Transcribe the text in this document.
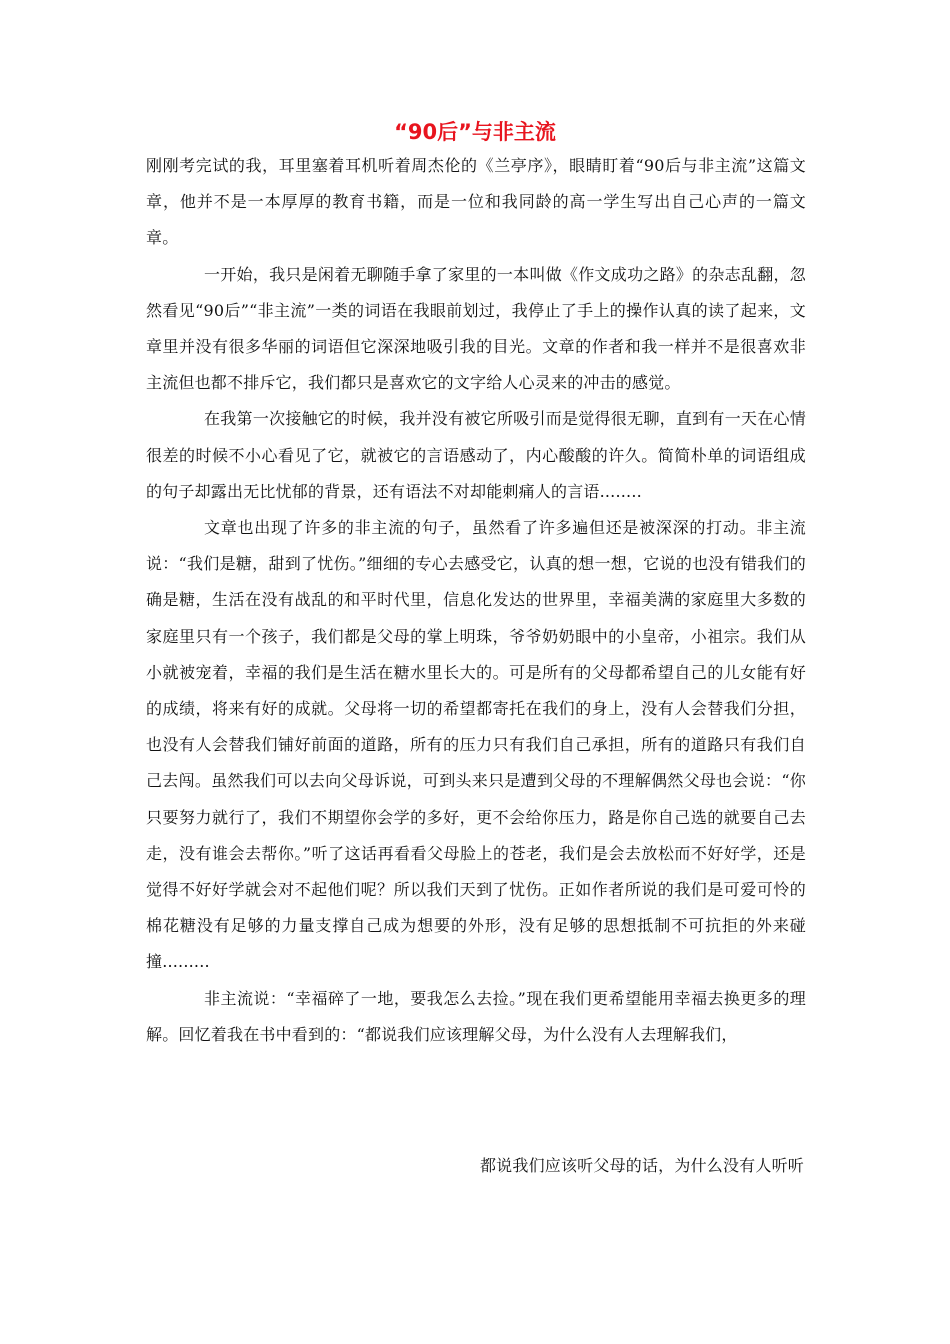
“90后”与非主流

刚刚考完试的我，耳里塞着耳机听着周杰伦的《兰亭序》，眼睛盯着“90后与非主流”这篇文章，他并不是一本厚厚的教育书籍，而是一位和我同龄的高一学生写出自己心声的一篇文章。

一开始，我只是闲着无聊随手拿了家里的一本叫做《作文成功之路》的杂志乱翻，忽然看见“90后”“非主流”一类的词语在我眼前划过，我停止了手上的操作认真的读了起来，文章里并没有很多华丽的词语但它深深地吸引我的目光。文章的作者和我一样并不是很喜欢非主流但也都不排斥它，我们都只是喜欢它的文字给人心灵来的冲击的感觉。

在我第一次接触它的时候，我并没有被它所吸引而是觉得很无聊，直到有一天在心情很差的时候不小心看见了它，就被它的言语感动了，内心酸酸的许久。简简朴单的词语组成的句子却露出无比忧郁的背景，还有语法不对却能刺痛人的言语........

文章也出现了许多的非主流的句子，虽然看了许多遍但还是被深深的打动。非主流说：“我们是糖，甜到了忧伤。”细细的专心去感受它，认真的想一想，它说的也没有错我们的确是糖，生活在没有战乱的和平时代里，信息化发达的世界里，幸福美满的家庭里大多数的家庭里只有一个孩子，我们都是父母的掌上明珠，爷爷奶奶眼中的小皇帝，小祖宗。我们从小就被宠着，幸福的我们是生活在糖水里长大的。可是所有的父母都希望自己的儿女能有好的成绩，将来有好的成就。父母将一切的希望都寄托在我们的身上，没有人会替我们分担，也没有人会替我们铺好前面的道路，所有的压力只有我们自己承担，所有的道路只有我们自己去闯。虽然我们可以去向父母诉说，可到头来只是遭到父母的不理解偶然父母也会说：“你只要努力就行了，我们不期望你会学的多好，更不会给你压力，路是你自己选的就要自己去走，没有谁会去帮你。”听了这话再看看父母脸上的苍老，我们是会去放松而不好好学，还是觉得不好好学就会对不起他们呢？所以我们天到了忧伤。正如作者所说的我们是可爱可怜的棉花糖没有足够的力量支撑自己成为想要的外形，没有足够的思想抵制不可抗拒的外来碰撞.........

非主流说：“幸福碎了一地，要我怎么去捡。”现在我们更希望能用幸福去换更多的理解。回忆着我在书中看到的：“都说我们应该理解父母，为什么没有人去理解我们，

都说我们应该听父母的话，为什么没有人听听
